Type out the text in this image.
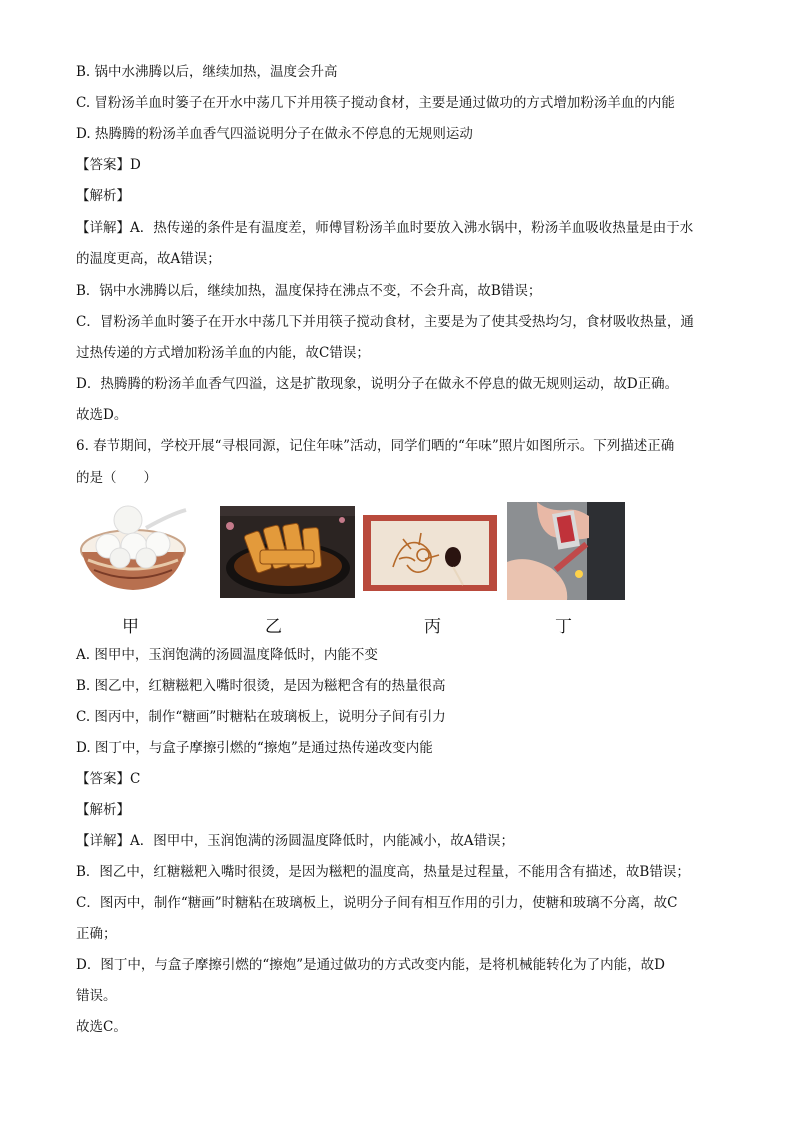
B. 锅中水沸腾以后，继续加热，温度会升高
C. 冒粉汤羊血时篓子在开水中荡几下并用筷子搅动食材，主要是通过做功的方式增加粉汤羊血的内能
D. 热腾腾的粉汤羊血香气四溢说明分子在做永不停息的无规则运动
【答案】D
【解析】
【详解】A．热传递的条件是有温度差，师傅冒粉汤羊血时要放入沸水锅中，粉汤羊血吸收热量是由于水
的温度更高，故A错误；
B．锅中水沸腾以后，继续加热，温度保持在沸点不变，不会升高，故B错误；
C．冒粉汤羊血时篓子在开水中荡几下并用筷子搅动食材，主要是为了使其受热均匀，食材吸收热量，通
过热传递的方式增加粉汤羊血的内能，故C错误；
D．热腾腾的粉汤羊血香气四溢，这是扩散现象，说明分子在做永不停息的做无规则运动，故D正确。
故选D。
6. 春节期间，学校开展“寻根同源，记住年味”活动，同学们晒的“年味”照片如图所示。下列描述正确
的是（　　）
甲	乙	丙	丁
A. 图甲中，玉润饱满的汤圆温度降低时，内能不变
B. 图乙中，红糖糍粑入嘴时很烫，是因为糍粑含有的热量很高
C. 图丙中，制作“糖画”时糖粘在玻璃板上，说明分子间有引力
D. 图丁中，与盒子摩擦引燃的“擦炮”是通过热传递改变内能
【答案】C
【解析】
【详解】A．图甲中，玉润饱满的汤圆温度降低时，内能减小，故A错误；
B．图乙中，红糖糍粑入嘴时很烫，是因为糍粑的温度高，热量是过程量，不能用含有描述，故B错误；
C．图丙中，制作“糖画”时糖粘在玻璃板上，说明分子间有相互作用的引力，使糖和玻璃不分离，故C
正确；
D．图丁中，与盒子摩擦引燃的“擦炮”是通过做功的方式改变内能，是将机械能转化为了内能，故D
错误。
故选C。
